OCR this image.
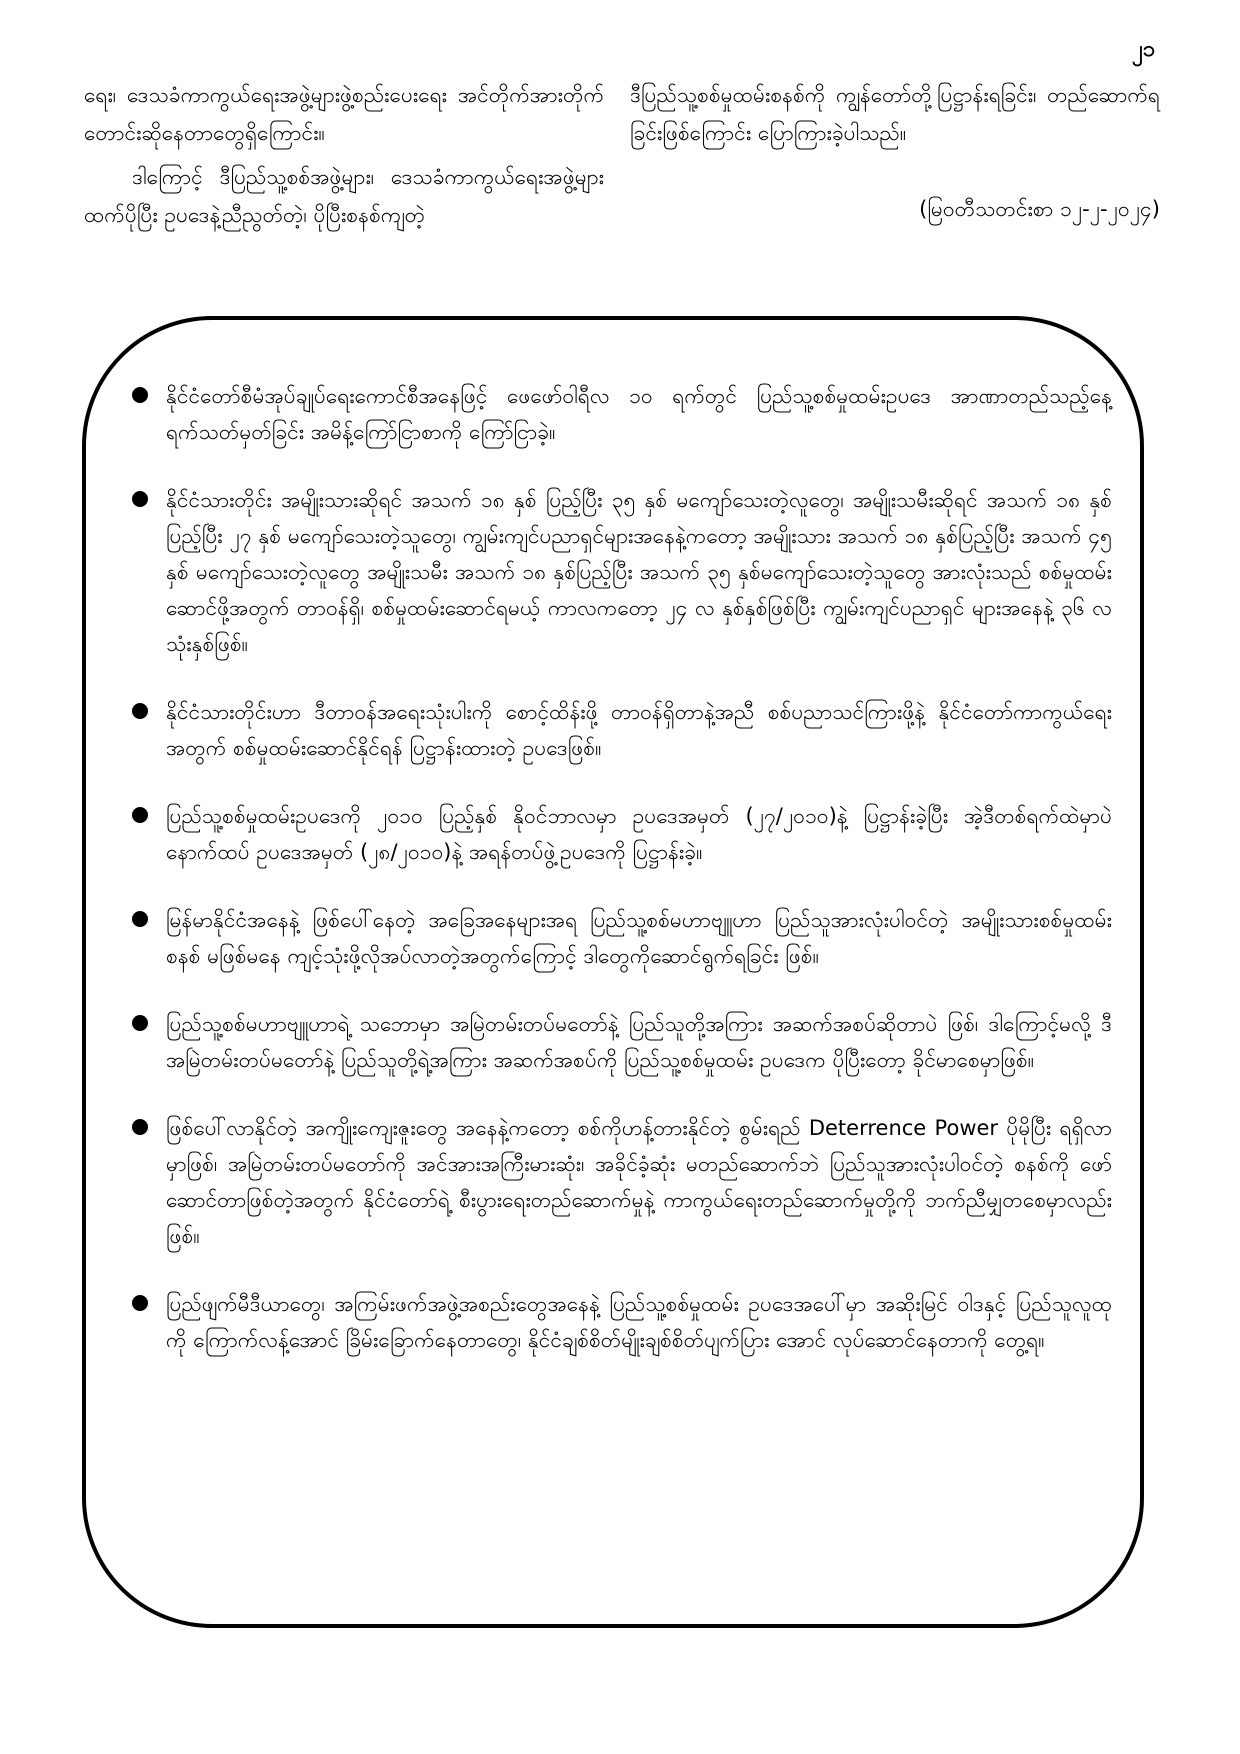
၂၁

ရေး၊ ဒေသခံကာကွယ်ရေးအဖွဲ့များဖွဲ့စည်းပေးရေး အင်တိုက်အားတိုက် တောင်းဆိုနေတာတွေရှိကြောင်း။

ဒါကြောင့် ဒီပြည်သူ့စစ်အဖွဲ့များ၊ ဒေသခံကာကွယ်ရေးအဖွဲ့များထက်ပိုပြီး ဥပဒေနဲ့ညီညွတ်တဲ့၊ ပိုပြီးစနစ်ကျတဲ့

ဒီပြည်သူ့စစ်မှုထမ်းစနစ်ကို ကျွန်တော်တို့ပြဋ္ဌာန်းရခြင်း၊ တည်ဆောက်ရခြင်းဖြစ်ကြောင်း ပြောကြားခဲ့ပါသည်။

(မြဝတီသတင်းစာ ၁၂-၂-၂၀၂၄)
နိုင်ငံတော်စီမံအုပ်ချုပ်ရေးကောင်စီအနေဖြင့် ဖေဖော်ဝါရီလ ၁၀ ရက်တွင် ပြည်သူ့စစ်မှုထမ်းဥပဒေ အာဏာတည်သည့်နေ့ ရက်သတ်မှတ်ခြင်း အမိန့်ကြော်ငြာစာကို ကြော်ငြာခဲ့။
နိုင်ငံသားတိုင်း အမျိုးသားဆိုရင် အသက် ၁၈ နှစ် ပြည့်ပြီး ၃၅ နှစ် မကျော်သေးတဲ့လူတွေ၊ အမျိုးသမီးဆိုရင် အသက် ၁၈ နှစ်ပြည့်ပြီး ၂၇ နှစ် မကျော်သေးတဲ့သူတွေ၊ ကျွမ်းကျင်ပညာရှင်များအနေနဲ့ကတော့ အမျိုးသား အသက် ၁၈ နှစ်ပြည့်ပြီး အသက် ၄၅ နှစ် မကျော်သေးတဲ့လူတွေ အမျိုးသမီး အသက် ၁၈ နှစ်ပြည့်ပြီး အသက် ၃၅ နှစ်မကျော်သေးတဲ့သူတွေ အားလုံးသည် စစ်မှုထမ်းဆောင်ဖို့အတွက် တာဝန်ရှိ၊ စစ်မှုထမ်းဆောင်ရမယ့် ကာလကတော့ ၂၄ လ နှစ်နှစ်ဖြစ်ပြီး ကျွမ်းကျင်ပညာရှင် များအနေနဲ့ ၃၆ လ သုံးနှစ်ဖြစ်။
နိုင်ငံသားတိုင်းဟာ ဒီတာဝန်အရေးသုံးပါးကို စောင့်ထိန်းဖို့ တာဝန်ရှိတာနဲ့အညီ စစ်ပညာသင်ကြားဖို့နဲ့ နိုင်ငံတော်ကာကွယ်ရေးအတွက် စစ်မှုထမ်းဆောင်နိုင်ရန် ပြဋ္ဌာန်းထားတဲ့ ဥပဒေဖြစ်။
ပြည်သူ့စစ်မှုထမ်းဥပဒေကို ၂၀၁၀ ပြည့်နှစ် နိုဝင်ဘာလမှာ ဥပဒေအမှတ် (၂၇/၂၀၁၀)နဲ့ ပြဋ္ဌာန်းခဲ့ပြီး အဲ့ဒီတစ်ရက်ထဲမှာပဲ နောက်ထပ် ဥပဒေအမှတ် (၂၈/၂၀၁၀)နဲ့ အရန်တပ်ဖွဲ့ဥပဒေကို ပြဋ္ဌာန်းခဲ့။
မြန်မာနိုင်ငံအနေနဲ့ ဖြစ်ပေါ်နေတဲ့ အခြေအနေများအရ ပြည်သူ့စစ်မဟာဗျူဟာ ပြည်သူအားလုံးပါဝင်တဲ့ အမျိုးသားစစ်မှုထမ်းစနစ် မဖြစ်မနေ ကျင့်သုံးဖို့လိုအပ်လာတဲ့အတွက်ကြောင့် ဒါတွေကိုဆောင်ရွက်ရခြင်း ဖြစ်။
ပြည်သူ့စစ်မဟာဗျူဟာရဲ့ သဘောမှာ အမြဲတမ်းတပ်မတော်နဲ့ ပြည်သူတို့အကြား အဆက်အစပ်ဆိုတာပဲ ဖြစ်၊ ဒါကြောင့်မလို့ ဒီအမြဲတမ်းတပ်မတော်နဲ့ ပြည်သူတို့ရဲ့အကြား အဆက်အစပ်ကို ပြည်သူ့စစ်မှုထမ်း ဥပဒေက ပိုပြီးတော့ ခိုင်မာစေမှာဖြစ်။
ဖြစ်ပေါ်လာနိုင်တဲ့ အကျိုးကျေးဇူးတွေ အနေနဲ့ကတော့ စစ်ကိုဟန့်တားနိုင်တဲ့ စွမ်းရည် Deterrence Power ပိုမိုပြီး ရရှိလာမှာဖြစ်၊ အမြဲတမ်းတပ်မတော်ကို အင်အားအကြီးမားဆုံး၊ အခိုင်ခံ့ဆုံး မတည်ဆောက်ဘဲ ပြည်သူအားလုံးပါဝင်တဲ့ စနစ်ကို ဖော်ဆောင်တာဖြစ်တဲ့အတွက် နိုင်ငံတော်ရဲ့ စီးပွားရေးတည်ဆောက်မှုနဲ့ ကာကွယ်ရေးတည်ဆောက်မှုတို့ကို ဘက်ညီမျှတစေမှာလည်းဖြစ်။
ပြည်ဖျက်မီဒီယာတွေ၊ အကြမ်းဖက်အဖွဲ့အစည်းတွေအနေနဲ့ ပြည်သူ့စစ်မှုထမ်း ဥပဒေအပေါ်မှာ အဆိုးမြင် ဝါဒနှင့် ပြည်သူလူထုကို ကြောက်လန့်အောင် ခြိမ်းခြောက်နေတာတွေ၊ နိုင်ငံချစ်စိတ်မျိုးချစ်စိတ်ပျက်ပြား အောင် လုပ်ဆောင်နေတာကို တွေ့ရ။
